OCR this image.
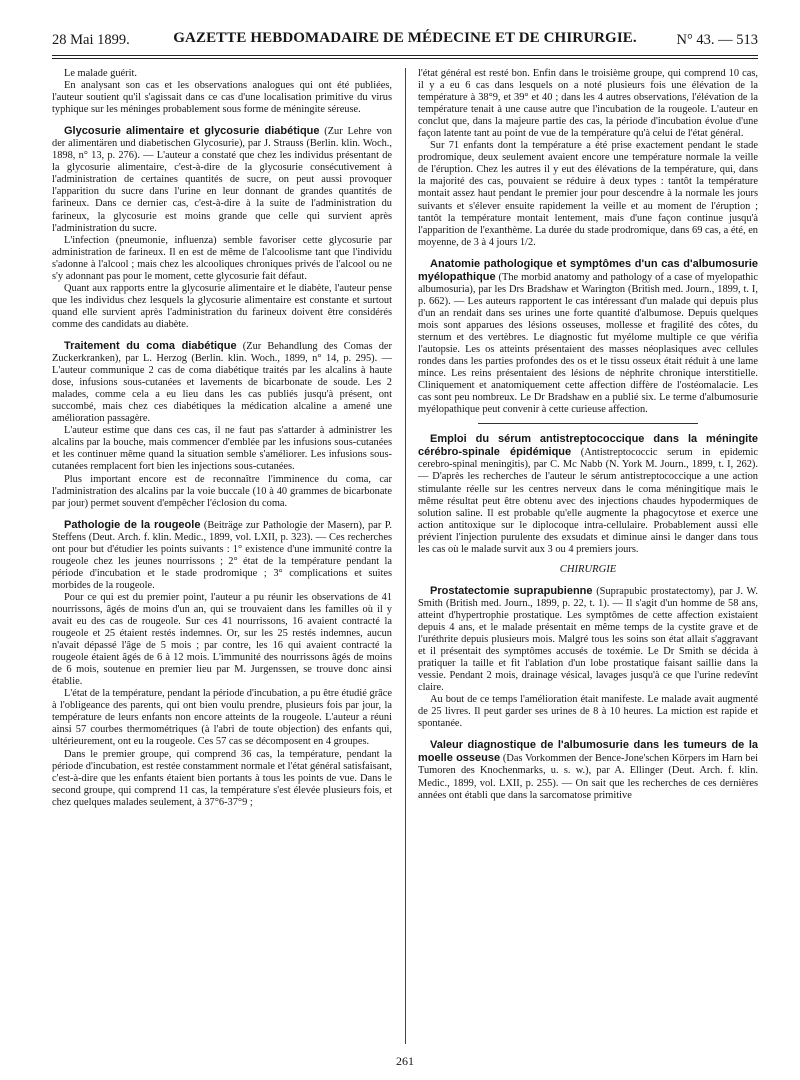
28 Mai 1899.	GAZETTE HEBDOMADAIRE DE MÉDECINE ET DE CHIRURGIE.	N° 43. — 513

Le malade guérit.

En analysant son cas et les observations analogues qui ont été publiées, l'auteur soutient qu'il s'agissait dans ce cas d'une localisation primitive du virus typhique sur les méninges probablement sous forme de méningite séreuse.

Glycosurie alimentaire et glycosurie diabétique (Zur Lehre von der alimentären und diabetischen Glycosurie), par J. Strauss (Berlin. klin. Woch., 1898, n° 13, p. 276). — L'auteur a constaté que chez les individus présentant de la glycosurie alimentaire, c'est-à-dire de la glycosurie consécutivement à l'administration de certaines quantités de sucre, on peut aussi provoquer l'apparition du sucre dans l'urine en leur donnant de grandes quantités de farineux. Dans ce dernier cas, c'est-à-dire à la suite de l'administration du farineux, la glycosurie est moins grande que celle qui survient après l'administration du sucre.

L'infection (pneumonie, influenza) semble favoriser cette glycosurie par administration de farineux. Il en est de même de l'alcoolisme tant que l'individu s'adonne à l'alcool ; mais chez les alcooliques chroniques privés de l'alcool ou ne s'y adonnant pas pour le moment, cette glycosurie fait défaut.

Quant aux rapports entre la glycosurie alimentaire et le diabète, l'auteur pense que les individus chez lesquels la glycosurie alimentaire est constante et surtout quand elle survient après l'administration du farineux doivent être considérés comme des candidats au diabète.

Traitement du coma diabétique (Zur Behandlung des Comas der Zuckerkranken), par L. Herzog (Berlin. klin. Woch., 1899, n° 14, p. 295). — L'auteur communique 2 cas de coma diabétique traités par les alcalins à haute dose, infusions sous-cutanées et lavements de bicarbonate de soude. Les 2 malades, comme cela a eu lieu dans les cas publiés jusqu'à présent, ont succombé, mais chez ces diabétiques la médication alcaline a amené une amélioration passagère.

L'auteur estime que dans ces cas, il ne faut pas s'attarder à administrer les alcalins par la bouche, mais commencer d'emblée par les infusions sous-cutanées et les continuer même quand la situation semble s'améliorer. Les infusions sous-cutanées remplacent fort bien les injections sous-cutanées.

Plus important encore est de reconnaître l'imminence du coma, car l'administration des alcalins par la voie buccale (10 à 40 grammes de bicarbonate par jour) permet souvent d'empêcher l'éclosion du coma.

Pathologie de la rougeole (Beiträge zur Pathologie der Masern), par P. Steffens (Deut. Arch. f. klin. Medic., 1899, vol. LXII, p. 323). — Ces recherches ont pour but d'étudier les points suivants : 1° existence d'une immunité contre la rougeole chez les jeunes nourrissons ; 2° état de la température pendant la période d'incubation et le stade prodromique ; 3° complications et suites morbides de la rougeole.

Pour ce qui est du premier point, l'auteur a pu réunir les observations de 41 nourrissons, âgés de moins d'un an, qui se trouvaient dans les familles où il y avait eu des cas de rougeole. Sur ces 41 nourrissons, 16 avaient contracté la rougeole et 25 étaient restés indemnes. Or, sur les 25 restés indemnes, aucun n'avait dépassé l'âge de 5 mois ; par contre, les 16 qui avaient contracté la rougeole étaient âgés de 6 à 12 mois. L'immunité des nourrissons âgés de moins de 6 mois, soutenue en premier lieu par M. Jurgenssen, se trouve donc ainsi établie.

L'état de la température, pendant la période d'incubation, a pu être étudié grâce à l'obligeance des parents, qui ont bien voulu prendre, plusieurs fois par jour, la température de leurs enfants non encore atteints de la rougeole. L'auteur a réuni ainsi 57 courbes thermométriques (à l'abri de toute objection) des enfants qui, ultérieurement, ont eu la rougeole. Ces 57 cas se décomposent en 4 groupes.

Dans le premier groupe, qui comprend 36 cas, la température, pendant la période d'incubation, est restée constamment normale et l'état général satisfaisant, c'est-à-dire que les enfants étaient bien portants à tous les points de vue. Dans le second groupe, qui comprend 11 cas, la température s'est élevée plusieurs fois, et chez quelques malades seulement, à 37°6-37°9 ;

l'état général est resté bon. Enfin dans le troisième groupe, qui comprend 10 cas, il y a eu 6 cas dans lesquels on a noté plusieurs fois une élévation de la température à 38°9, et 39° et 40 ; dans les 4 autres observations, l'élévation de la température tenait à une cause autre que l'incubation de la rougeole. L'auteur en conclut que, dans la majeure partie des cas, la période d'incubation évolue d'une façon latente tant au point de vue de la température qu'à celui de l'état général.

Sur 71 enfants dont la température a été prise exactement pendant le stade prodromique, deux seulement avaient encore une température normale la veille de l'éruption. Chez les autres il y eut des élévations de la température, qui, dans la majorité des cas, pouvaient se réduire à deux types : tantôt la température montait assez haut pendant le premier jour pour descendre à la normale les jours suivants et s'élever ensuite rapidement la veille et au moment de l'éruption ; tantôt la température montait lentement, mais d'une façon continue jusqu'à l'apparition de l'exanthème. La durée du stade prodromique, dans 69 cas, a été, en moyenne, de 3 à 4 jours 1/2.

Anatomie pathologique et symptômes d'un cas d'albumosurie myélopathique (The morbid anatomy and pathology of a case of myelopathic albumosuria), par les Drs Bradshaw et Warington (British med. Journ., 1899, t. I, p. 662). — Les auteurs rapportent le cas intéressant d'un malade qui depuis plus d'un an rendait dans ses urines une forte quantité d'albumose. Depuis quelques mois sont apparues des lésions osseuses, mollesse et fragilité des côtes, du sternum et des vertèbres. Le diagnostic fut myélome multiple ce que vérifia l'autopsie. Les os atteints présentaient des masses néoplasiques avec cellules rondes dans les parties profondes des os et le tissu osseux était réduit à une lame mince. Les reins présentaient des lésions de néphrite chronique interstitielle. Cliniquement et anatomiquement cette affection diffère de l'ostéomalacie. Les cas sont peu nombreux. Le Dr Bradshaw en a publié six. Le terme d'albumosurie myélopathique peut convenir à cette curieuse affection.

Emploi du sérum antistreptococcique dans la méningite cérébro-spinale épidémique (Antistreptococcic serum in epidemic cerebro-spinal meningitis), par C. Mc Nabb (N. York M. Journ., 1899, t. I, 262). — D'après les recherches de l'auteur le sérum antistreptococcique a une action stimulante réelle sur les centres nerveux dans le coma méningitique mais le même résultat peut être obtenu avec des injections chaudes hypodermiques de solution saline. Il est probable qu'elle augmente la phagocytose et exerce une action antitoxique sur le diplocoque intra-cellulaire. Probablement aussi elle prévient l'injection purulente des exsudats et diminue ainsi le danger dans tous les cas où le malade survit aux 3 ou 4 premiers jours.

CHIRURGIE

Prostatectomie suprapubienne (Suprapubic prostatectomy), par J. W. Smith (British med. Journ., 1899, p. 22, t. 1). — Il s'agit d'un homme de 58 ans, atteint d'hypertrophie prostatique. Les symptômes de cette affection existaient depuis 4 ans, et le malade présentait en même temps de la cystite grave et de l'uréthrite depuis plusieurs mois. Malgré tous les soins son état allait s'aggravant et il présentait des symptômes accusés de toxémie. Le Dr Smith se décida à pratiquer la taille et fit l'ablation d'un lobe prostatique faisant saillie dans la vessie. Pendant 2 mois, drainage vésical, lavages jusqu'à ce que l'urine redevînt claire.

Au bout de ce temps l'amélioration était manifeste. Le malade avait augmenté de 25 livres. Il peut garder ses urines de 8 à 10 heures. La miction est rapide et spontanée.

Valeur diagnostique de l'albumosurie dans les tumeurs de la moelle osseuse (Das Vorkommen der Bence-Jone'schen Körpers im Harn bei Tumoren des Knochenmarks, u. s. w.), par A. Ellinger (Deut. Arch. f. klin. Medic., 1899, vol. LXII, p. 255). — On sait que les recherches de ces dernières années ont établi que dans la sarcomatose primitive

261
